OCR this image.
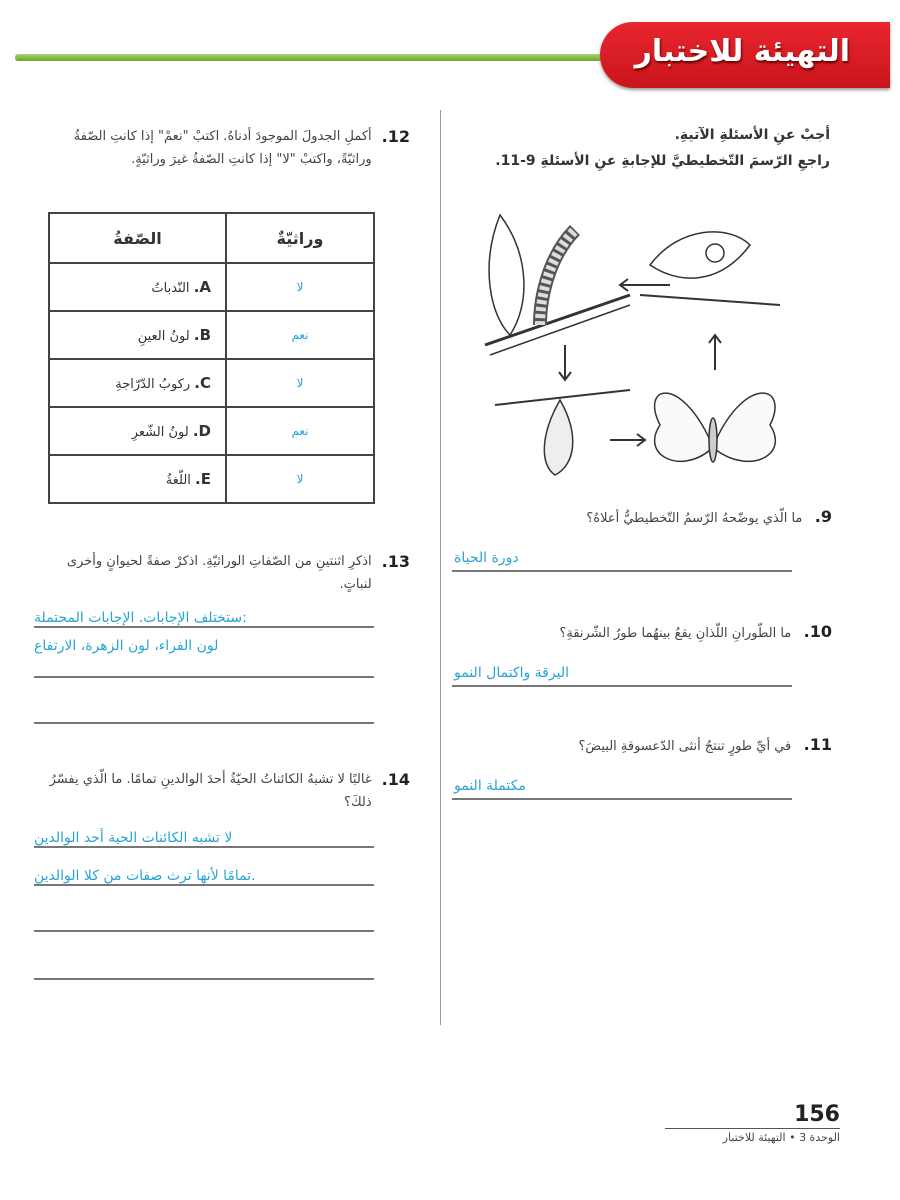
التهيئة للاختبار
أجبْ عنِ الأسئلةِ الآتيةِ.
راجعِ الرّسمَ التّخطيطيَّ للإجابةِ عنِ الأسئلةِ 9-11.
9.   ما الّذي يوضّحهُ الرّسمُ التّخطيطيُّ أعلاهُ؟
دورة الحياة
10.   ما الطّورانِ اللّذانِ يقعُ بينهُما طورُ الشّرنقةِ؟
اليرقة واكتمال النمو
11.   في أيِّ طورٍ تنتجُ أنثى الدّعسوقةِ البيضَ؟
مكتملة النمو
12.
أكملِ الجدولَ الموجودَ أدناهُ. اكتبْ "نعمْ" إذا كانتِ الصّفةُ وراثيّةً، واكتبْ "لا" إذا كانتِ الصّفةُ غيرَ وراثيّةٍ.
الصّفةُ	وراثيّةٌ
A. النّدباتُ	لا
B. لونُ العينِ	نعم
C. ركوبُ الدّرّاجةِ	لا
D. لونُ الشّعرِ	نعم
E. اللّغةُ	لا
13.
اذكرِ اثنتينِ من الصّفاتِ الوراثيّةِ. اذكرْ صفةً لحيوانٍ وأخرى لنباتٍ.
ستختلف الإجابات. الإجابات المحتملة:
لون الفراء، لون الزهرة، الارتفاع
14.
غالبًا لا تشبهُ الكائناتُ الحيّةُ أحدَ الوالدينِ تمامًا. ما الّذي يفسّرُ ذلكَ؟
لا تشبه الكائنات الحية أحد الوالدين
تمامًا لأنها ترث صفات من كلا الوالدين.
156
الوحدة 3 • التهيئة للاختبار
